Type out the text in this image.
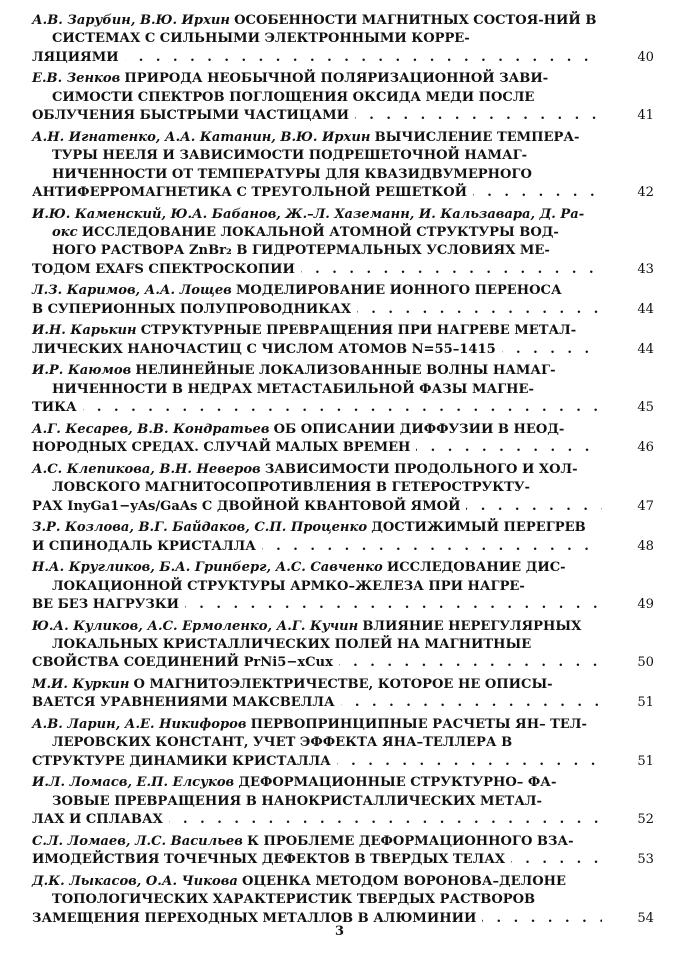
А.В. Зарубин, В.Ю. Ирхин ОСОБЕННОСТИ МАГНИТНЫХ СОСТОЯ-НИЙ В СИСТЕМАХ С СИЛЬНЫМИ ЭЛЕКТРОННЫМИ КОРРЕ-
ЛЯЦИЯМИ . . .	40
Е.В. Зенков ПРИРОДА НЕОБЫЧНОЙ ПОЛЯРИЗАЦИОННОЙ ЗАВИ-СИМОСТИ СПЕКТРОВ ПОГЛОЩЕНИЯ ОКСИДА МЕДИ ПОСЛЕ
ОБЛУЧЕНИЯ БЫСТРЫМИ ЧАСТИЦАМИ . . .	41
А.Н. Игнатенко, А.А. Катанин, В.Ю. Ирхин ВЫЧИСЛЕНИЕ ТЕМПЕРА-ТУРЫ НЕЕЛЯ И ЗАВИСИМОСТИ ПОДРЕШЕТОЧНОЙ НАМАГ-НИЧЕННОСТИ ОТ ТЕМПЕРАТУРЫ ДЛЯ КВАЗИДВУМЕРНОГО
АНТИФЕРРОМАГНЕТИКА С ТРЕУГОЛЬНОЙ РЕШЕТКОЙ . . .	42
И.Ю. Каменский, Ю.А. Бабанов, Ж.–Л. Хаземанн, И. Кальзавара, Д. Ра-окс ИССЛЕДОВАНИЕ ЛОКАЛЬНОЙ АТОМНОЙ СТРУКТУРЫ ВОД-НОГО РАСТВОРА ZnBr₂ В ГИДРОТЕРМАЛЬНЫХ УСЛОВИЯХ МЕ-
ТОДОМ EXAFS СПЕКТРОСКОПИИ . . .	43
Л.З. Каримов, А.А. Лощев МОДЕЛИРОВАНИЕ ИОННОГО ПЕРЕНОСА
В СУПЕРИОННЫХ ПОЛУПРОВОДНИКАХ . . .	44
И.Н. Карькин СТРУКТУРНЫЕ ПРЕВРАЩЕНИЯ ПРИ НАГРЕВЕ МЕТАЛ-
ЛИЧЕСКИХ НАНОЧАСТИЦ С ЧИСЛОМ АТОМОВ N=55–1415 . . .	44
И.Р. Каюмов НЕЛИНЕЙНЫЕ ЛОКАЛИЗОВАННЫЕ ВОЛНЫ НАМАГ-НИЧЕННОСТИ В НЕДРАХ МЕТАСТАБИЛЬНОЙ ФАЗЫ МАГНЕ-
ТИКА . . .	45
А.Г. Кесарев, В.В. Кондратьев ОБ ОПИСАНИИ ДИФФУЗИИ В НЕОД-
НОРОДНЫХ СРЕДАХ. СЛУЧАЙ МАЛЫХ ВРЕМЕН . . .	46
А.С. Клепикова, В.Н. Неверов ЗАВИСИМОСТИ ПРОДОЛЬНОГО И ХОЛ-ЛОВСКОГО МАГНИТОСОПРОТИВЛЕНИЯ В ГЕТЕРОСТРУКТУ-
РАХ InyGa1−yAs/GaAs С ДВОЙНОЙ КВАНТОВОЙ ЯМОЙ . . .	47
З.Р. Козлова, В.Г. Байдаков, С.П. Проценко ДОСТИЖИМЫЙ ПЕРЕГРЕВ
И СПИНОДАЛЬ КРИСТАЛЛА . . .	48
Н.А. Кругликов, Б.А. Гринберг, А.С. Савченко ИССЛЕДОВАНИЕ ДИС-ЛОКАЦИОННОЙ СТРУКТУРЫ АРМКО–ЖЕЛЕЗА ПРИ НАГРЕ-
ВЕ БЕЗ НАГРУЗКИ . . .	49
Ю.А. Куликов, А.С. Ермоленко, А.Г. Кучин ВЛИЯНИЕ НЕРЕГУЛЯРНЫХ ЛОКАЛЬНЫХ КРИСТАЛЛИЧЕСКИХ ПОЛЕЙ НА МАГНИТНЫЕ
СВОЙСТВА СОЕДИНЕНИЙ PrNi5−xCux . . .	50
М.И. Куркин О МАГНИТОЭЛЕКТРИЧЕСТВЕ, КОТОРОЕ НЕ ОПИСЫ-
ВАЕТСЯ УРАВНЕНИЯМИ МАКСВЕЛЛА . . .	51
А.В. Ларин, А.Е. Никифоров ПЕРВОПРИНЦИПНЫЕ РАСЧЕТЫ ЯН– ТЕЛ-ЛЕРОВСКИХ КОНСТАНТ, УЧЕТ ЭФФЕКТА ЯНА–ТЕЛЛЕРА В
СТРУКТУРЕ ДИНАМИКИ КРИСТАЛЛА . . .	51
И.Л. Ломасв, Е.П. Елсуков ДЕФОРМАЦИОННЫЕ СТРУКТУРНО– ФА-ЗОВЫЕ ПРЕВРАЩЕНИЯ В НАНОКРИСТАЛЛИЧЕСКИХ МЕТАЛ-
ЛАХ И СПЛАВАХ . . .	52
С.Л. Ломаев, Л.С. Васильев К ПРОБЛЕМЕ ДЕФОРМАЦИОННОГО ВЗА-
ИМОДЕЙСТВИЯ ТОЧЕЧНЫХ ДЕФЕКТОВ В ТВЕРДЫХ ТЕЛАХ . . .	53
Д.К. Лыкасов, О.А. Чикова ОЦЕНКА МЕТОДОМ ВОРОНОВА–ДЕЛОНЕ ТОПОЛОГИЧЕСКИХ ХАРАКТЕРИСТИК ТВЕРДЫХ РАСТВОРОВ
ЗАМЕЩЕНИЯ ПЕРЕХОДНЫХ МЕТАЛЛОВ В АЛЮМИНИИ . . .	54
3
